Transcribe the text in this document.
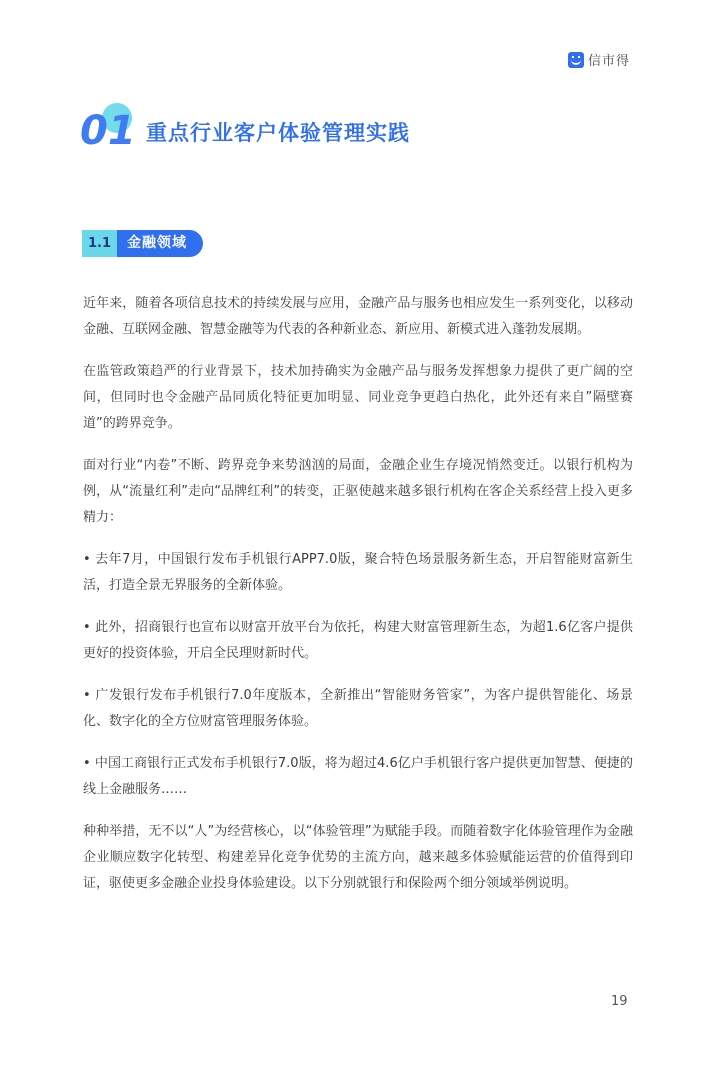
信市得
01 重点行业客户体验管理实践
1.1	金融领域

近年来，随着各项信息技术的持续发展与应用，金融产品与服务也相应发生一系列变化，以移动金融、互联网金融、智慧金融等为代表的各种新业态、新应用、新模式进入蓬勃发展期。

在监管政策趋严的行业背景下，技术加持确实为金融产品与服务发挥想象力提供了更广阔的空间，但同时也令金融产品同质化特征更加明显、同业竞争更趋白热化，此外还有来自”隔壁赛道”的跨界竞争。

面对行业“内卷”不断、跨界竞争来势汹汹的局面，金融企业生存境况悄然变迁。以银行机构为例，从“流量红利”走向“品牌红利”的转变，正驱使越来越多银行机构在客企关系经营上投入更多精力：

• 去年7月，中国银行发布手机银行APP7.0版，聚合特色场景服务新生态，开启智能财富新生活，打造全景无界服务的全新体验。

• 此外，招商银行也宣布以财富开放平台为依托，构建大财富管理新生态，为超1.6亿客户提供更好的投资体验，开启全民理财新时代。

• 广发银行发布手机银行7.0年度版本，全新推出“智能财务管家”，为客户提供智能化、场景化、数字化的全方位财富管理服务体验。

• 中国工商银行正式发布手机银行7.0版，将为超过4.6亿户手机银行客户提供更加智慧、便捷的线上金融服务……

种种举措，无不以“人”为经营核心，以“体验管理”为赋能手段。而随着数字化体验管理作为金融企业顺应数字化转型、构建差异化竞争优势的主流方向，越来越多体验赋能运营的价值得到印证，驱使更多金融企业投身体验建设。以下分别就银行和保险两个细分领域举例说明。

19
